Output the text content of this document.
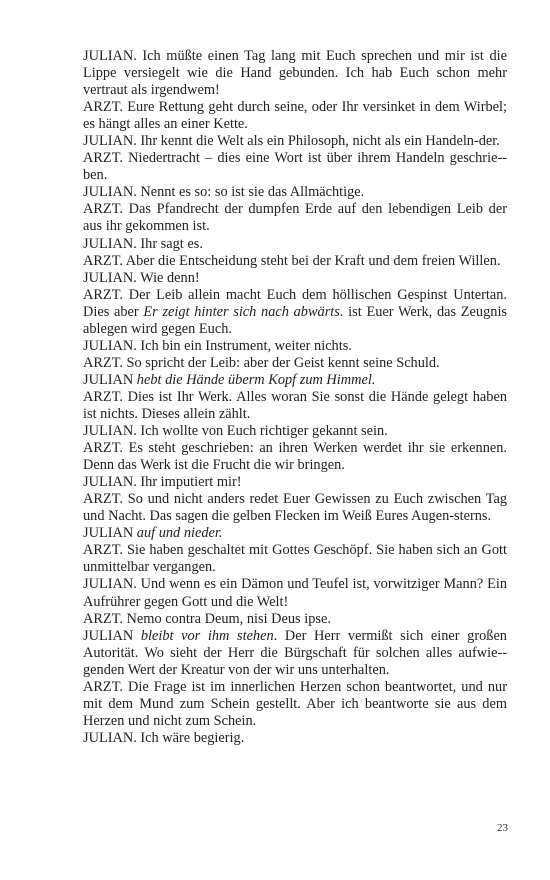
JULIAN. Ich müßte einen Tag lang mit Euch sprechen und mir ist die Lippe versiegelt wie die Hand gebunden. Ich hab Euch schon mehr vertraut als irgendwem!

ARZT. Eure Rettung geht durch seine, oder Ihr versinket in dem Wirbel; es hängt alles an einer Kette.

JULIAN. Ihr kennt die Welt als ein Philosoph, nicht als ein Handeln-der.

ARZT. Niedertracht – dies eine Wort ist über ihrem Handeln geschrie-ben.

JULIAN. Nennt es so: so ist sie das Allmächtige.

ARZT. Das Pfandrecht der dumpfen Erde auf den lebendigen Leib der aus ihr gekommen ist.

JULIAN. Ihr sagt es.

ARZT. Aber die Entscheidung steht bei der Kraft und dem freien Willen.

JULIAN. Wie denn!

ARZT. Der Leib allein macht Euch dem höllischen Gespinst Untertan. Dies aber Er zeigt hinter sich nach abwärts. ist Euer Werk, das Zeugnis ablegen wird gegen Euch.

JULIAN. Ich bin ein Instrument, weiter nichts.

ARZT. So spricht der Leib: aber der Geist kennt seine Schuld.

JULIAN hebt die Hände überm Kopf zum Himmel.

ARZT. Dies ist Ihr Werk. Alles woran Sie sonst die Hände gelegt haben ist nichts. Dieses allein zählt.

JULIAN. Ich wollte von Euch richtiger gekannt sein.

ARZT. Es steht geschrieben: an ihren Werken werdet ihr sie erkennen. Denn das Werk ist die Frucht die wir bringen.

JULIAN. Ihr imputiert mir!

ARZT. So und nicht anders redet Euer Gewissen zu Euch zwischen Tag und Nacht. Das sagen die gelben Flecken im Weiß Eures Augen-sterns.

JULIAN auf und nieder.

ARZT. Sie haben geschaltet mit Gottes Geschöpf. Sie haben sich an Gott unmittelbar vergangen.

JULIAN. Und wenn es ein Dämon und Teufel ist, vorwitziger Mann? Ein Aufrührer gegen Gott und die Welt!

ARZT. Nemo contra Deum, nisi Deus ipse.

JULIAN bleibt vor ihm stehen. Der Herr vermißt sich einer großen Autorität. Wo sieht der Herr die Bürgschaft für solchen alles aufwie-genden Wert der Kreatur von der wir uns unterhalten.

ARZT. Die Frage ist im innerlichen Herzen schon beantwortet, und nur mit dem Mund zum Schein gestellt. Aber ich beantworte sie aus dem Herzen und nicht zum Schein.

JULIAN. Ich wäre begierig.

23
